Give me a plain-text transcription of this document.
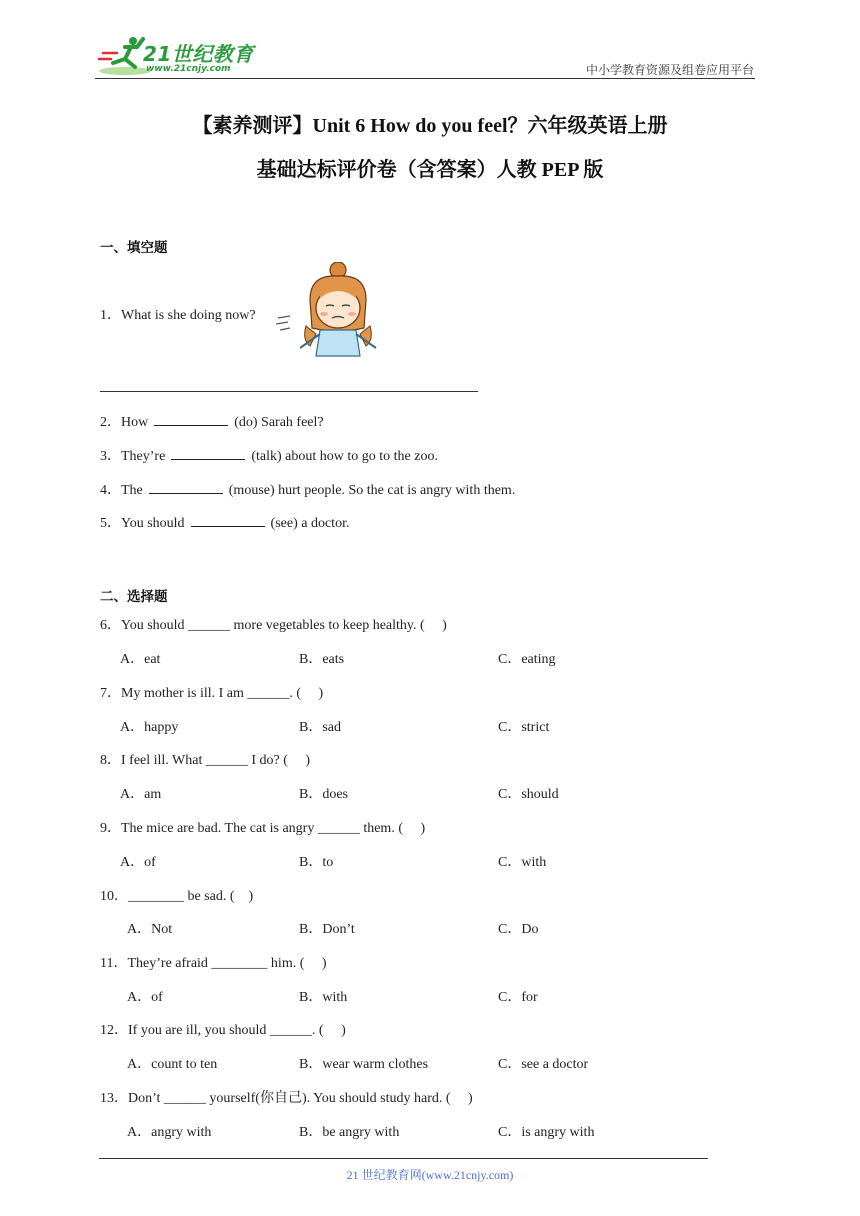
21世纪教育
www.21cnjy.com	中小学教育资源及组卷应用平台
【素养测评】Unit 6 How do you feel？六年级英语上册
基础达标评价卷（含答案）人教 PEP 版
一、填空题
1．What is she doing now?
2．How	(do) Sarah feel?
3．They’re	(talk) about how to go to the zoo.
4．The	(mouse) hurt people. So the cat is angry with them.
5．You should	(see) a doctor.
二、选择题
6．You should ______ more vegetables to keep healthy. (     )
A．eat	B．eats	C．eating
7．My mother is ill. I am ______. (     )
A．happy	B．sad	C．strict
8．I feel ill. What ______ I do? (     )
A．am	B．does	C．should
9．The mice are bad. The cat is angry ______ them. (     )
A．of	B．to	C．with
10．________ be sad. (    )
A．Not	B．Don’t	C．Do
11．They’re afraid ________ him. (     )
A．of	B．with	C．for
12．If you are ill, you should ______. (     )
A．count to ten	B．wear warm clothes	C．see a doctor
13．Don’t ______ yourself(你自己). You should study hard. (     )
A．angry with	B．be angry with	C．is angry with
21 世纪教育网(www.21cnjy.com)
